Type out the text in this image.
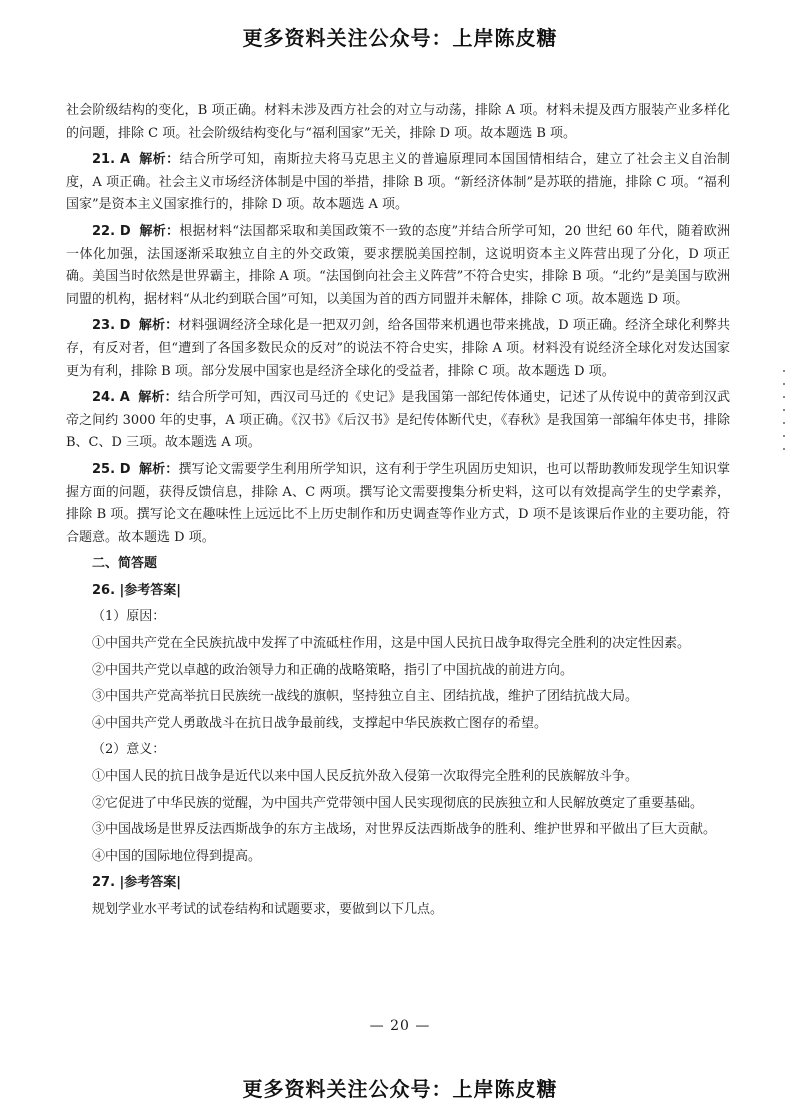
更多资料关注公众号：上岸陈皮糖

社会阶级结构的变化，B 项正确。材料未涉及西方社会的对立与动荡，排除 A 项。材料未提及西方服装产业多样化的问题，排除 C 项。社会阶级结构变化与“福利国家”无关，排除 D 项。故本题选 B 项。

21. A 解析：结合所学可知，南斯拉夫将马克思主义的普遍原理同本国国情相结合，建立了社会主义自治制度，A 项正确。社会主义市场经济体制是中国的举措，排除 B 项。“新经济体制”是苏联的措施，排除 C 项。“福利国家”是资本主义国家推行的，排除 D 项。故本题选 A 项。

22. D 解析：根据材料“法国都采取和美国政策不一致的态度”并结合所学可知，20 世纪 60 年代，随着欧洲一体化加强，法国逐渐采取独立自主的外交政策，要求摆脱美国控制，这说明资本主义阵营出现了分化，D 项正确。美国当时依然是世界霸主，排除 A 项。“法国倒向社会主义阵营”不符合史实，排除 B 项。“北约”是美国与欧洲同盟的机构，据材料“从北约到联合国”可知，以美国为首的西方同盟并未解体，排除 C 项。故本题选 D 项。

23. D 解析：材料强调经济全球化是一把双刃剑，给各国带来机遇也带来挑战，D 项正确。经济全球化利弊共存，有反对者，但“遭到了各国多数民众的反对”的说法不符合史实，排除 A 项。材料没有说经济全球化对发达国家更为有利，排除 B 项。部分发展中国家也是经济全球化的受益者，排除 C 项。故本题选 D 项。

24. A 解析：结合所学可知，西汉司马迁的《史记》是我国第一部纪传体通史，记述了从传说中的黄帝到汉武帝之间约 3000 年的史事，A 项正确。《汉书》《后汉书》是纪传体断代史，《春秋》是我国第一部编年体史书，排除 B、C、D 三项。故本题选 A 项。

25. D 解析：撰写论文需要学生利用所学知识，这有利于学生巩固历史知识，也可以帮助教师发现学生知识掌握方面的问题，获得反馈信息，排除 A、C 两项。撰写论文需要搜集分析史料，这可以有效提高学生的史学素养，排除 B 项。撰写论文在趣味性上远远比不上历史制作和历史调查等作业方式，D 项不是该课后作业的主要功能，符合题意。故本题选 D 项。

二、简答题

26. |参考答案|

（1）原因：

①中国共产党在全民族抗战中发挥了中流砥柱作用，这是中国人民抗日战争取得完全胜利的决定性因素。

②中国共产党以卓越的政治领导力和正确的战略策略，指引了中国抗战的前进方向。

③中国共产党高举抗日民族统一战线的旗帜，坚持独立自主、团结抗战，维护了团结抗战大局。

④中国共产党人勇敢战斗在抗日战争最前线，支撑起中华民族救亡图存的希望。

（2）意义：

①中国人民的抗日战争是近代以来中国人民反抗外敌入侵第一次取得完全胜利的民族解放斗争。

②它促进了中华民族的觉醒，为中国共产党带领中国人民实现彻底的民族独立和人民解放奠定了重要基础。

③中国战场是世界反法西斯战争的东方主战场，对世界反法西斯战争的胜利、维护世界和平做出了巨大贡献。

④中国的国际地位得到提高。

27. |参考答案|

规划学业水平考试的试卷结构和试题要求，要做到以下几点。

— 20 —
更多资料关注公众号：上岸陈皮糖
